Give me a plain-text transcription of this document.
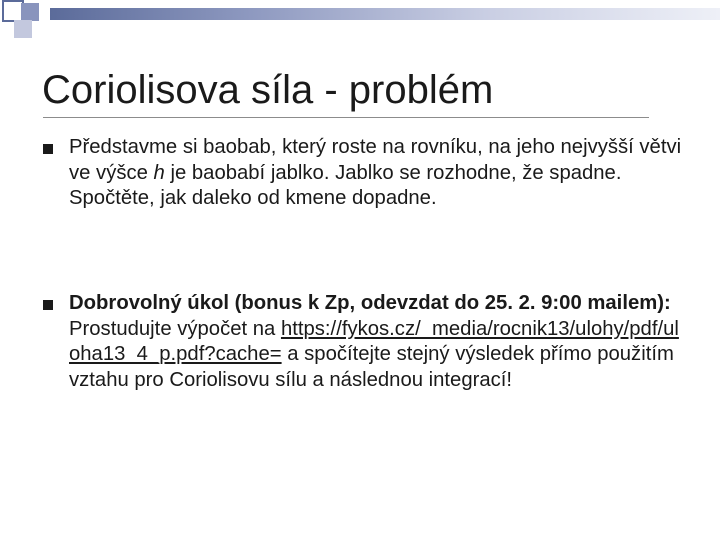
Coriolisova síla - problém
Představme si baobab, který roste na rovníku, na jeho nejvyšší větvi ve výšce h je baobabí jablko. Jablko se rozhodne, že spadne. Spočtěte, jak daleko od kmene dopadne.
Dobrovolný úkol (bonus k Zp, odevzdat do 25. 2. 9:00 mailem): Prostudujte výpočet na https://fykos.cz/_media/rocnik13/ulohy/pdf/uloha13_4_p.pdf?cache= a spočítejte stejný výsledek přímo použitím vztahu pro Coriolisovu sílu a následnou integrací!
